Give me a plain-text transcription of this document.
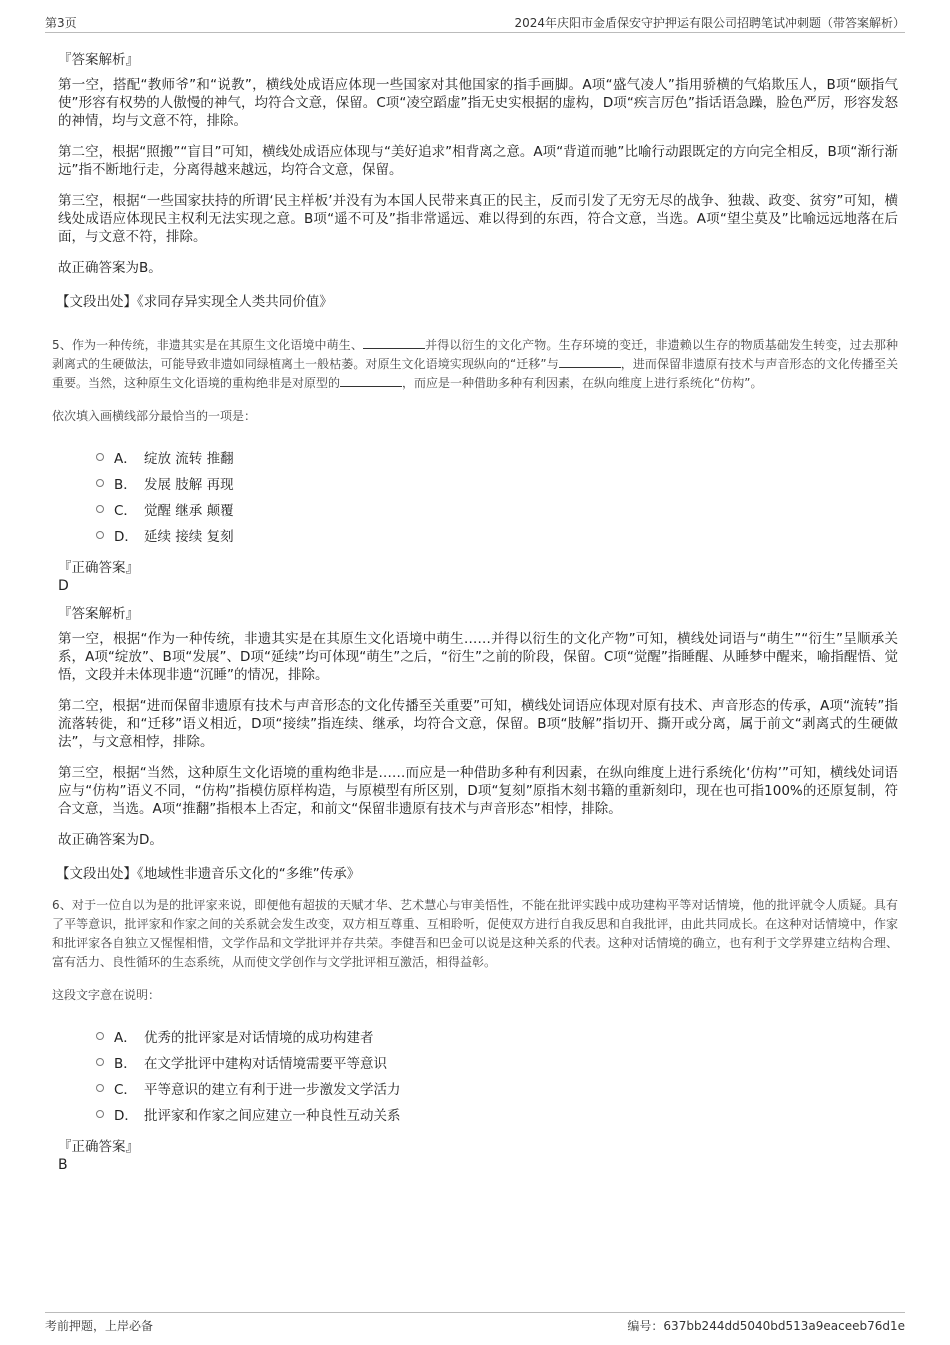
第3页	2024年庆阳市金盾保安守护押运有限公司招聘笔试冲刺题（带答案解析）
『答案解析』

第一空，搭配“教师爷”和“说教”，横线处成语应体现一些国家对其他国家的指手画脚。A项“盛气凌人”指用骄横的气焰欺压人，B项“颐指气使”形容有权势的人傲慢的神气，均符合文意，保留。C项“凌空蹈虚”指无史实根据的虚构，D项“疾言厉色”指话语急躁，脸色严厉，形容发怒的神情，均与文意不符，排除。

第二空，根据“照搬”“盲目”可知，横线处成语应体现与“美好追求”相背离之意。A项“背道而驰”比喻行动跟既定的方向完全相反，B项“渐行渐远”指不断地行走，分离得越来越远，均符合文意，保留。

第三空，根据“一些国家扶持的所谓‘民主样板’并没有为本国人民带来真正的民主，反而引发了无穷无尽的战争、独裁、政变、贫穷”可知，横线处成语应体现民主权利无法实现之意。B项“遥不可及”指非常遥远、难以得到的东西，符合文意，当选。A项“望尘莫及”比喻远远地落在后面，与文意不符，排除。

故正确答案为B。

【文段出处】《求同存异实现全人类共同价值》
5、作为一种传统，非遗其实是在其原生文化语境中萌生、	并得以衍生的文化产物。生存环境的变迁，非遗赖以生存的物质基础发生转变，过去那种剥离式的生硬做法，可能导致非遗如同绿植离土一般枯萎。对原生文化语境实现纵向的“迁移”与	，进而保留非遗原有技术与声音形态的文化传播至关重要。当然，这种原生文化语境的重构绝非是对原型的	，而应是一种借助多种有利因素，在纵向维度上进行系统化“仿构”。
依次填入画横线部分最恰当的一项是：
A． 绽放 流转 推翻
B． 发展 肢解 再现
C． 觉醒 继承 颠覆
D． 延续 接续 复刻
『正确答案』
D
『答案解析』

第一空，根据“作为一种传统，非遗其实是在其原生文化语境中萌生……并得以衍生的文化产物”可知，横线处词语与“萌生”“衍生”呈顺承关系，A项“绽放”、B项“发展”、D项“延续”均可体现“萌生”之后，“衍生”之前的阶段，保留。C项“觉醒”指睡醒、从睡梦中醒来，喻指醒悟、觉悟，文段并未体现非遗“沉睡”的情况，排除。

第二空，根据“进而保留非遗原有技术与声音形态的文化传播至关重要”可知，横线处词语应体现对原有技术、声音形态的传承，A项“流转”指流落转徙，和“迁移”语义相近，D项“接续”指连续、继承，均符合文意，保留。B项“肢解”指切开、撕开或分离，属于前文“剥离式的生硬做法”，与文意相悖，排除。

第三空，根据“当然，这种原生文化语境的重构绝非是……而应是一种借助多种有利因素，在纵向维度上进行系统化‘仿构’”可知，横线处词语应与“仿构”语义不同，“仿构”指模仿原样构造，与原模型有所区别，D项“复刻”原指木刻书籍的重新刻印，现在也可指100%的还原复制，符合文意，当选。A项“推翻”指根本上否定，和前文“保留非遗原有技术与声音形态”相悖，排除。

故正确答案为D。

【文段出处】《地域性非遗音乐文化的“多维”传承》
6、对于一位自以为是的批评家来说，即便他有超拔的天赋才华、艺术慧心与审美悟性，不能在批评实践中成功建构平等对话情境，他的批评就令人质疑。具有了平等意识，批评家和作家之间的关系就会发生改变，双方相互尊重、互相聆听，促使双方进行自我反思和自我批评，由此共同成长。在这种对话情境中，作家和批评家各自独立又惺惺相惜，文学作品和文学批评并存共荣。李健吾和巴金可以说是这种关系的代表。这种对话情境的确立，也有利于文学界建立结构合理、富有活力、良性循环的生态系统，从而使文学创作与文学批评相互激活，相得益彰。
这段文字意在说明：
A． 优秀的批评家是对话情境的成功构建者
B． 在文学批评中建构对话情境需要平等意识
C． 平等意识的建立有利于进一步激发文学活力
D． 批评家和作家之间应建立一种良性互动关系
『正确答案』
B
考前押题，上岸必备	编号：637bb244dd5040bd513a9eaceeb76d1e
